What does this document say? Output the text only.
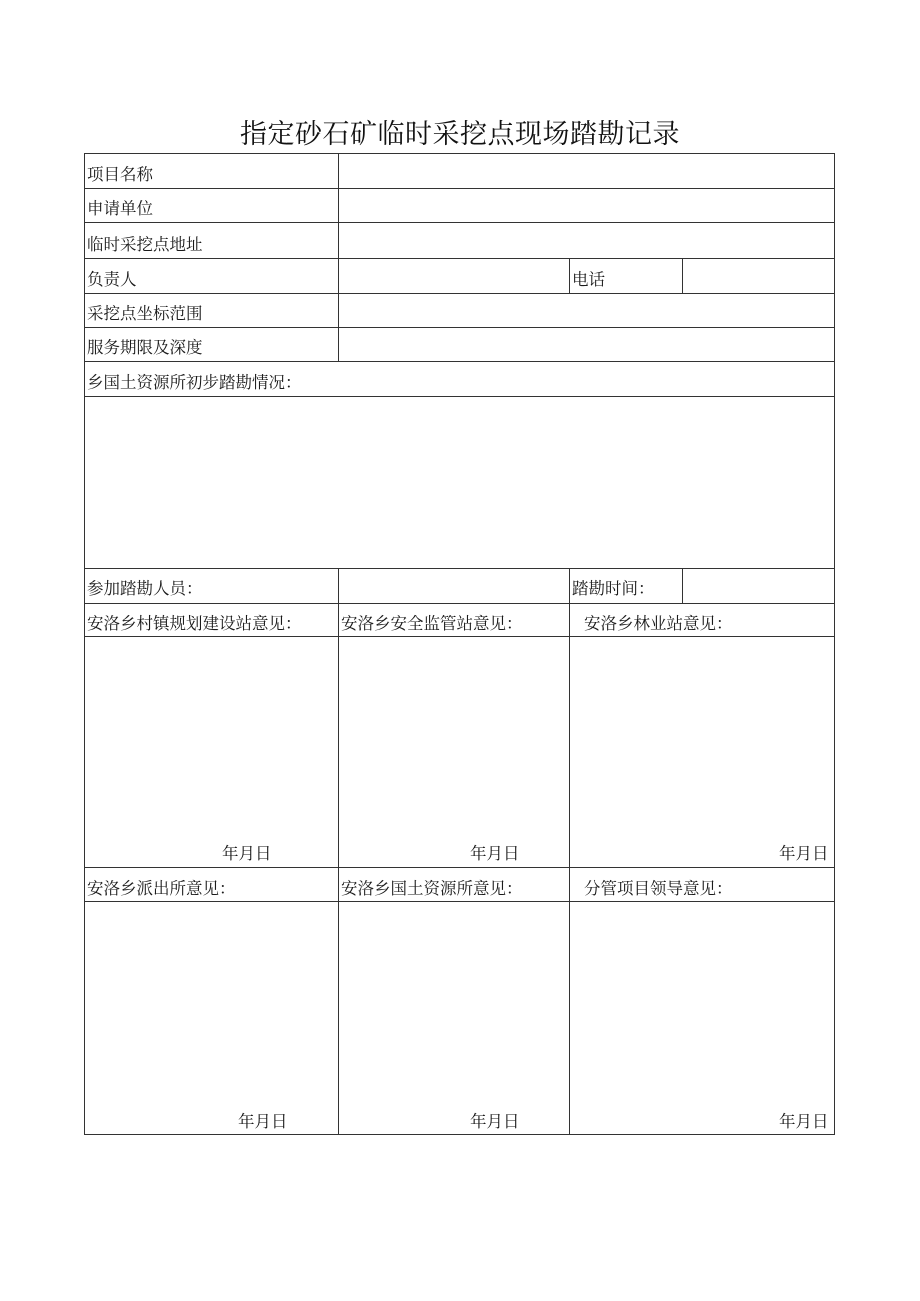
指定砂石矿临时采挖点现场踏勘记录
项目名称
申请单位
临时采挖点地址
负责人	电话
采挖点坐标范围
服务期限及深度
乡国土资源所初步踏勘情况：
参加踏勘人员：	踏勘时间：
安洛乡村镇规划建设站意见： 安洛乡安全监管站意见：	安洛乡林业站意见：
年月日	年月日	年月日
安洛乡派出所意见：	安洛乡国土资源所意见：	分管项目领导意见：
年月日	年月日	年月日
